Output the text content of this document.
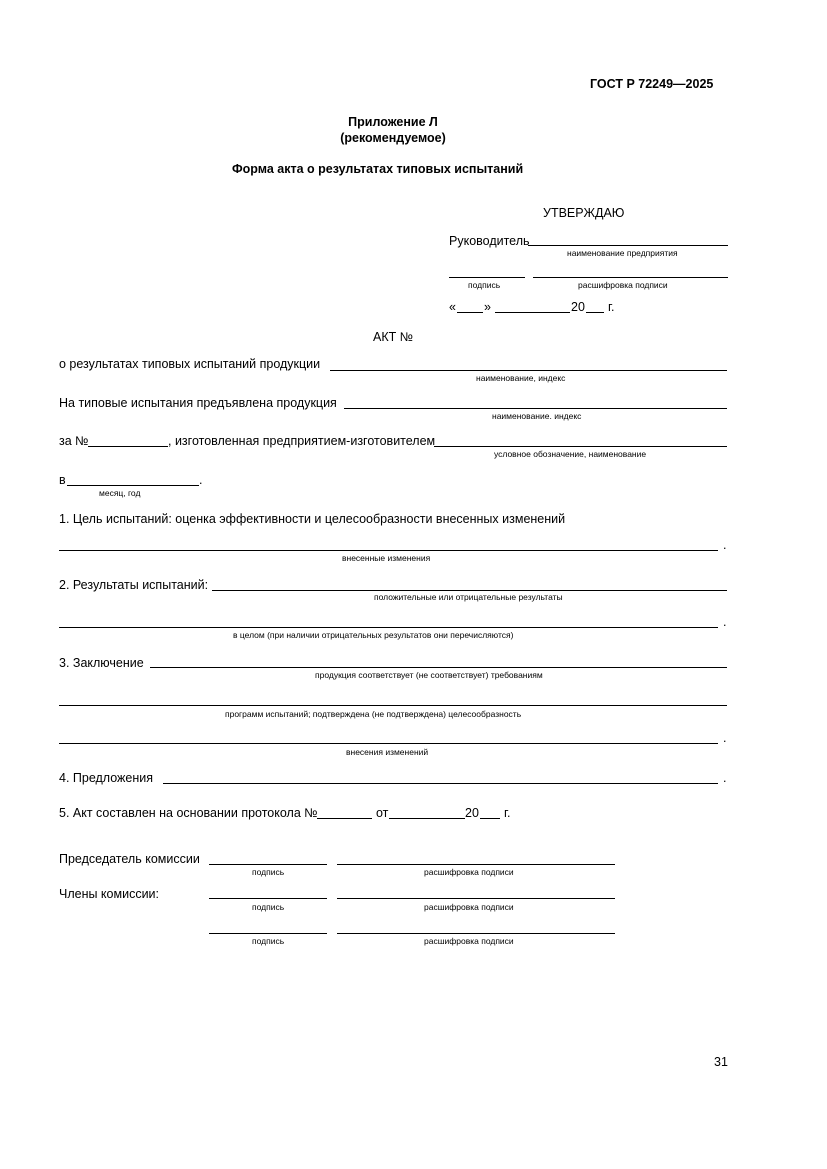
ГОСТ Р 72249—2025
Приложение Л
(рекомендуемое)
Форма акта о результатах типовых испытаний
УТВЕРЖДАЮ
Руководитель
наименование предприятия
подпись	расшифровка подписи
« »	20 г.
АКТ №
о результатах типовых испытаний продукции
наименование, индекс
На типовые испытания предъявлена продукция
наименование. индекс
за №	, изготовленная предприятием-изготовителем
условное обозначение, наименование
в	.
месяц, год
1. Цель испытаний: оценка эффективности и целесообразности внесенных изменений
.
внесенные изменения
2. Результаты испытаний:
положительные или отрицательные результаты
.
в целом (при наличии отрицательных результатов они перечисляются)
3. Заключение
продукция соответствует (не соответствует) требованиям
программ испытаний; подтверждена (не подтверждена) целесообразность
.
внесения изменений
4. Предложения	.
5. Акт составлен на основании протокола №	от	20 г.
Председатель комиссии
подпись	расшифровка подписи
Члены комиссии:
подпись	расшифровка подписи
подпись	расшифровка подписи
31
